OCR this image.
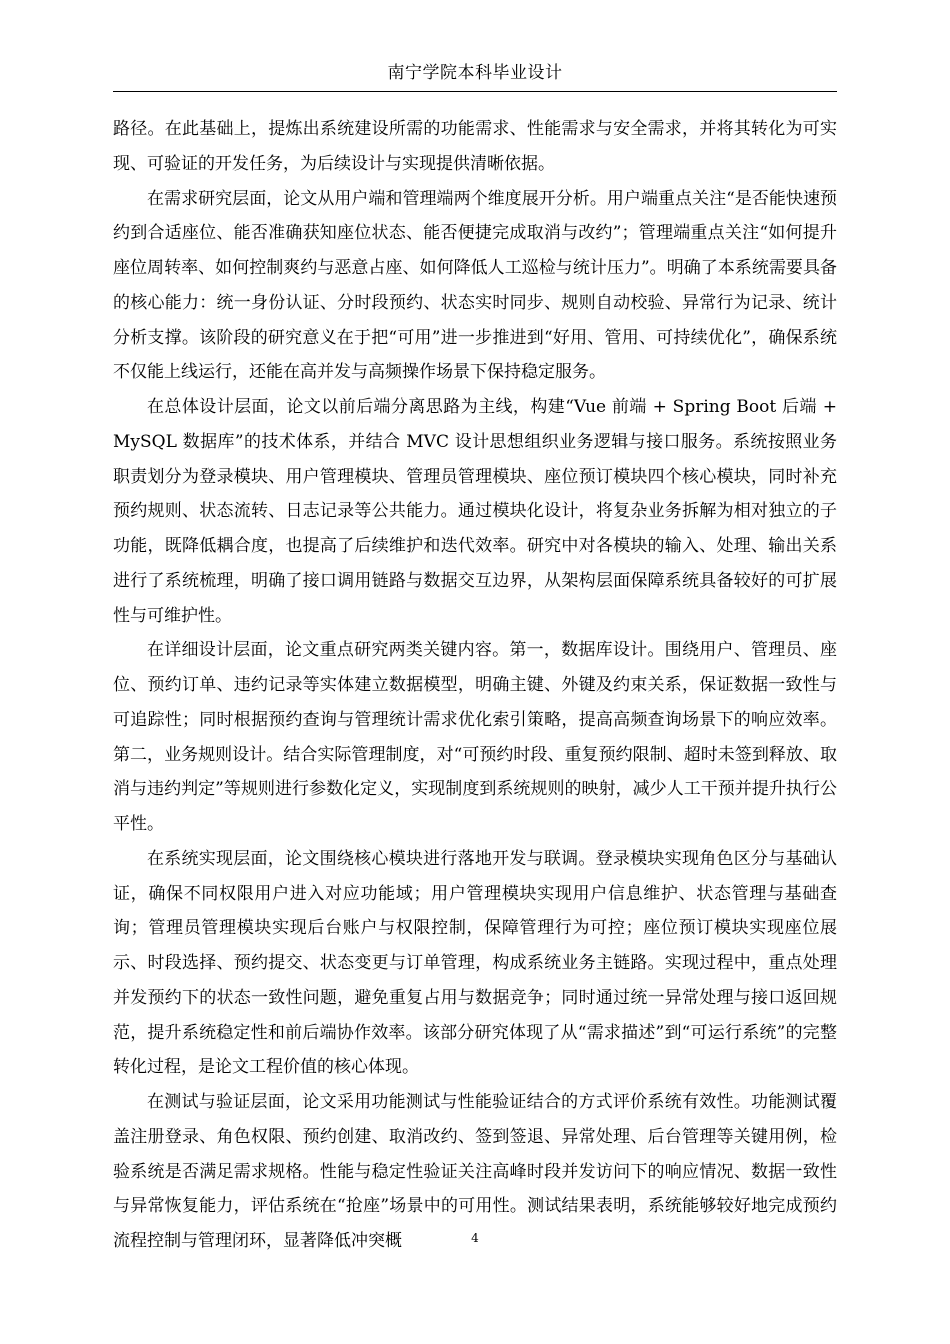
南宁学院本科毕业设计

路径。在此基础上，提炼出系统建设所需的功能需求、性能需求与安全需求，并将其转化为可实现、可验证的开发任务，为后续设计与实现提供清晰依据。

在需求研究层面，论文从用户端和管理端两个维度展开分析。用户端重点关注“是否能快速预约到合适座位、能否准确获知座位状态、能否便捷完成取消与改约”；管理端重点关注“如何提升座位周转率、如何控制爽约与恶意占座、如何降低人工巡检与统计压力”。明确了本系统需要具备的核心能力：统一身份认证、分时段预约、状态实时同步、规则自动校验、异常行为记录、统计分析支撑。该阶段的研究意义在于把“可用”进一步推进到“好用、管用、可持续优化”，确保系统不仅能上线运行，还能在高并发与高频操作场景下保持稳定服务。

在总体设计层面，论文以前后端分离思路为主线，构建“Vue 前端 + Spring Boot 后端 + MySQL 数据库”的技术体系，并结合 MVC 设计思想组织业务逻辑与接口服务。系统按照业务职责划分为登录模块、用户管理模块、管理员管理模块、座位预订模块四个核心模块，同时补充预约规则、状态流转、日志记录等公共能力。通过模块化设计，将复杂业务拆解为相对独立的子功能，既降低耦合度，也提高了后续维护和迭代效率。研究中对各模块的输入、处理、输出关系进行了系统梳理，明确了接口调用链路与数据交互边界，从架构层面保障系统具备较好的可扩展性与可维护性。

在详细设计层面，论文重点研究两类关键内容。第一，数据库设计。围绕用户、管理员、座位、预约订单、违约记录等实体建立数据模型，明确主键、外键及约束关系，保证数据一致性与可追踪性；同时根据预约查询与管理统计需求优化索引策略，提高高频查询场景下的响应效率。第二，业务规则设计。结合实际管理制度，对“可预约时段、重复预约限制、超时未签到释放、取消与违约判定”等规则进行参数化定义，实现制度到系统规则的映射，减少人工干预并提升执行公平性。

在系统实现层面，论文围绕核心模块进行落地开发与联调。登录模块实现角色区分与基础认证，确保不同权限用户进入对应功能域；用户管理模块实现用户信息维护、状态管理与基础查询；管理员管理模块实现后台账户与权限控制，保障管理行为可控；座位预订模块实现座位展示、时段选择、预约提交、状态变更与订单管理，构成系统业务主链路。实现过程中，重点处理并发预约下的状态一致性问题，避免重复占用与数据竞争；同时通过统一异常处理与接口返回规范，提升系统稳定性和前后端协作效率。该部分研究体现了从“需求描述”到“可运行系统”的完整转化过程，是论文工程价值的核心体现。

在测试与验证层面，论文采用功能测试与性能验证结合的方式评价系统有效性。功能测试覆盖注册登录、角色权限、预约创建、取消改约、签到签退、异常处理、后台管理等关键用例，检验系统是否满足需求规格。性能与稳定性验证关注高峰时段并发访问下的响应情况、数据一致性与异常恢复能力，评估系统在“抢座”场景中的可用性。测试结果表明，系统能够较好地完成预约流程控制与管理闭环，显著降低冲突概	4
